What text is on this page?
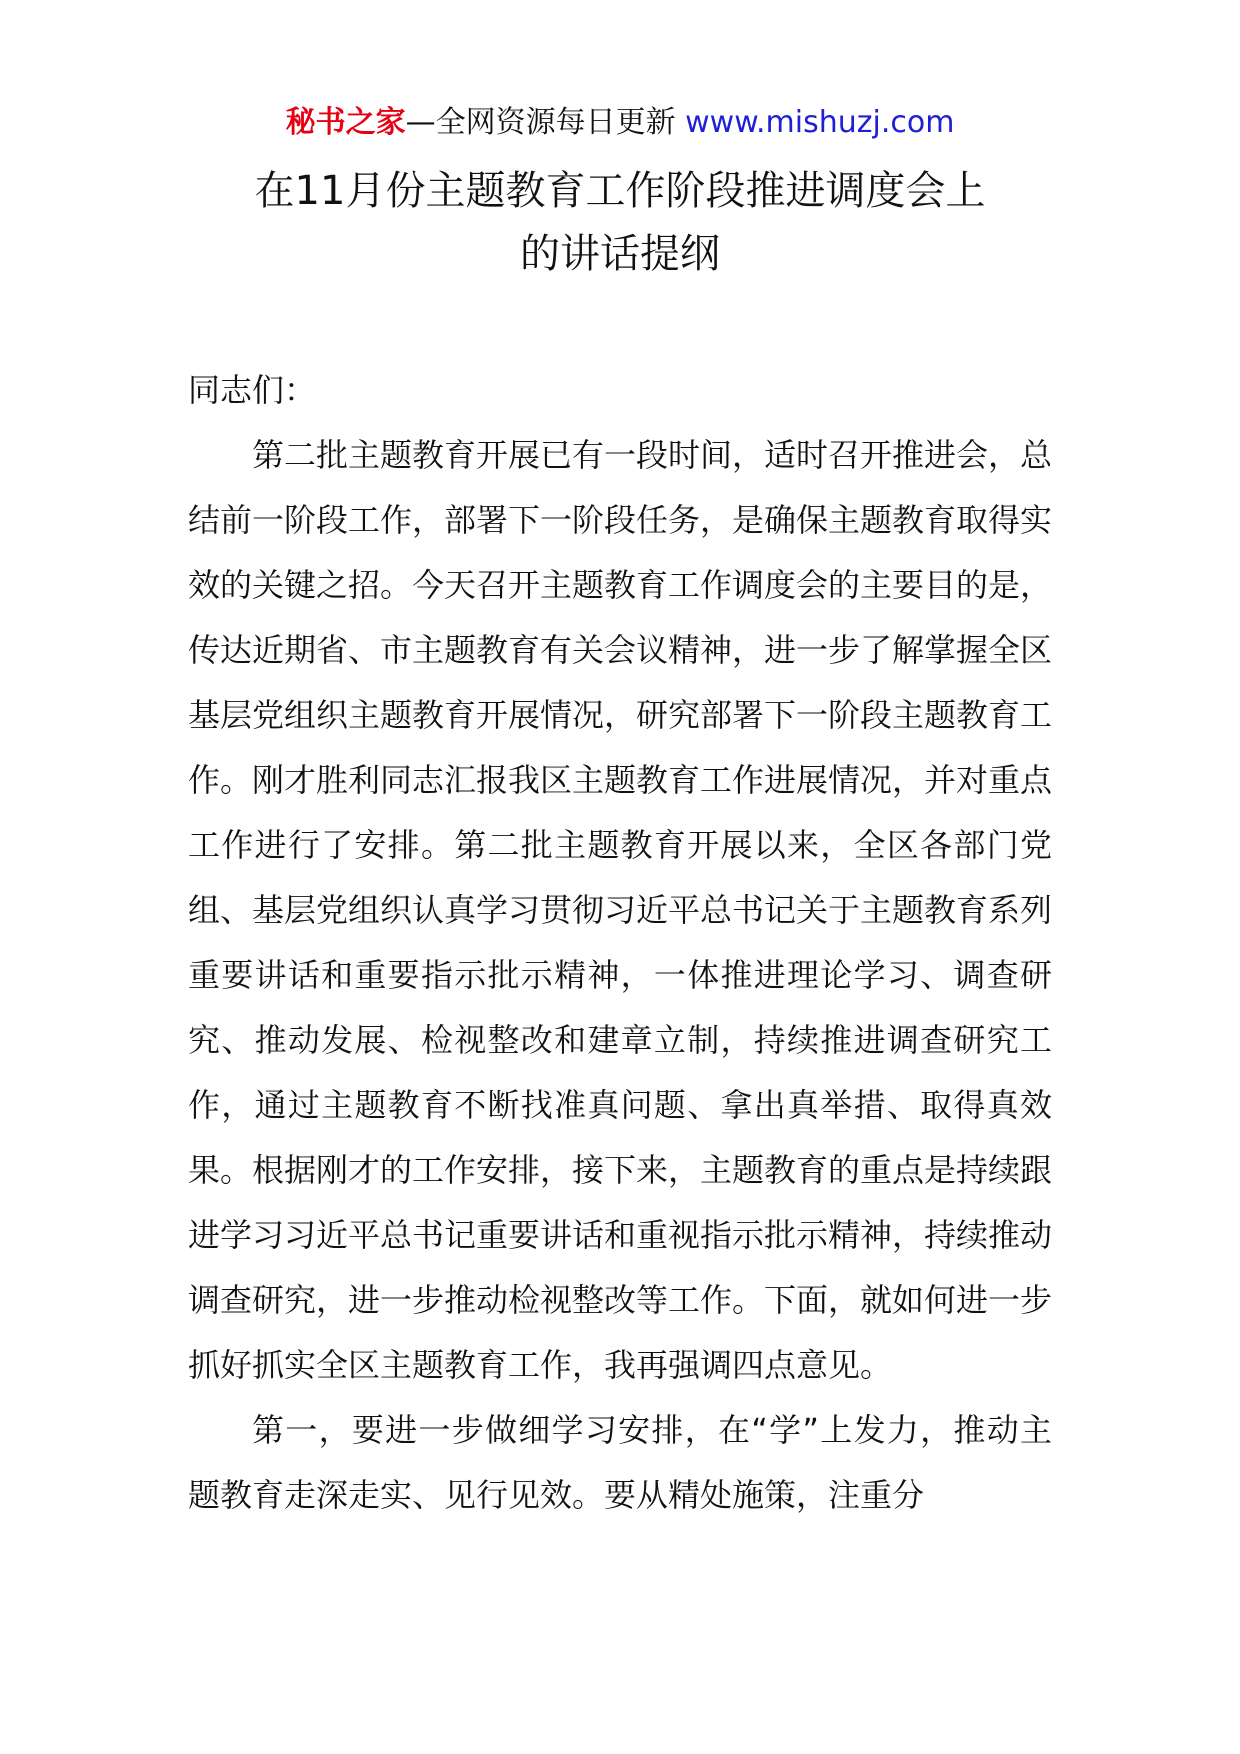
秘书之家—全网资源每日更新 www.mishuzj.com
在11月份主题教育工作阶段推进调度会上
的讲话提纲

同志们：

第二批主题教育开展已有一段时间，适时召开推进会，总结前一阶段工作，部署下一阶段任务，是确保主题教育取得实效的关键之招。今天召开主题教育工作调度会的主要目的是，传达近期省、市主题教育有关会议精神，进一步了解掌握全区基层党组织主题教育开展情况，研究部署下一阶段主题教育工作。刚才胜利同志汇报我区主题教育工作进展情况，并对重点工作进行了安排。第二批主题教育开展以来，全区各部门党组、基层党组织认真学习贯彻习近平总书记关于主题教育系列重要讲话和重要指示批示精神，一体推进理论学习、调查研究、推动发展、检视整改和建章立制，持续推进调查研究工作，通过主题教育不断找准真问题、拿出真举措、取得真效果。根据刚才的工作安排，接下来，主题教育的重点是持续跟进学习习近平总书记重要讲话和重视指示批示精神，持续推动调查研究，进一步推动检视整改等工作。下面，就如何进一步抓好抓实全区主题教育工作，我再强调四点意见。

第一，要进一步做细学习安排，在“学”上发力，推动主题教育走深走实、见行见效。要从精处施策，注重分
